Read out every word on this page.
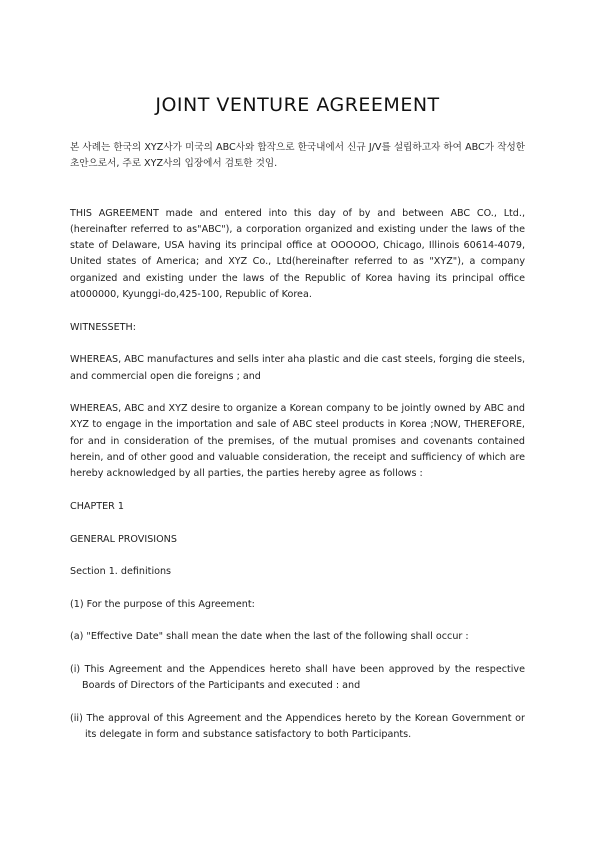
JOINT VENTURE AGREEMENT

본 사례는 한국의 XYZ사가 미국의 ABC사와 합작으로 한국내에서 신규 J/V를 설립하고자 하여 ABC가 작성한 초안으로서, 주로 XYZ사의 입장에서 검토한 것임.

THIS AGREEMENT made and entered into this day of by and between ABC CO., Ltd., (hereinafter referred to as"ABC"), a corporation organized and existing under the laws of the state of Delaware, USA having its principal office at OOOOOO, Chicago, Illinois 60614-4079, United states of America; and XYZ Co., Ltd(hereinafter referred to as "XYZ"), a company organized and existing under the laws of the Republic of Korea having its principal office at000000, Kyunggi-do,425-100, Republic of Korea.

WITNESSETH:

WHEREAS, ABC manufactures and sells inter aha plastic and die cast steels, forging die steels, and commercial open die foreigns ; and

WHEREAS, ABC and XYZ desire to organize a Korean company to be jointly owned by ABC and XYZ to engage in the importation and sale of ABC steel products in Korea ;NOW, THEREFORE, for and in consideration of the premises, of the mutual promises and covenants contained herein, and of other good and valuable consideration, the receipt and sufficiency of which are hereby acknowledged by all parties, the parties hereby agree as follows :

CHAPTER 1

GENERAL PROVISIONS

Section 1. definitions

(1) For the purpose of this Agreement:

(a) "Effective Date" shall mean the date when the last of the following shall occur :

(i) This Agreement and the Appendices hereto shall have been approved by the respective Boards of Directors of the Participants and executed : and

(ii) The approval of this Agreement and the Appendices hereto by the Korean Government or its delegate in form and substance satisfactory to both Participants.
